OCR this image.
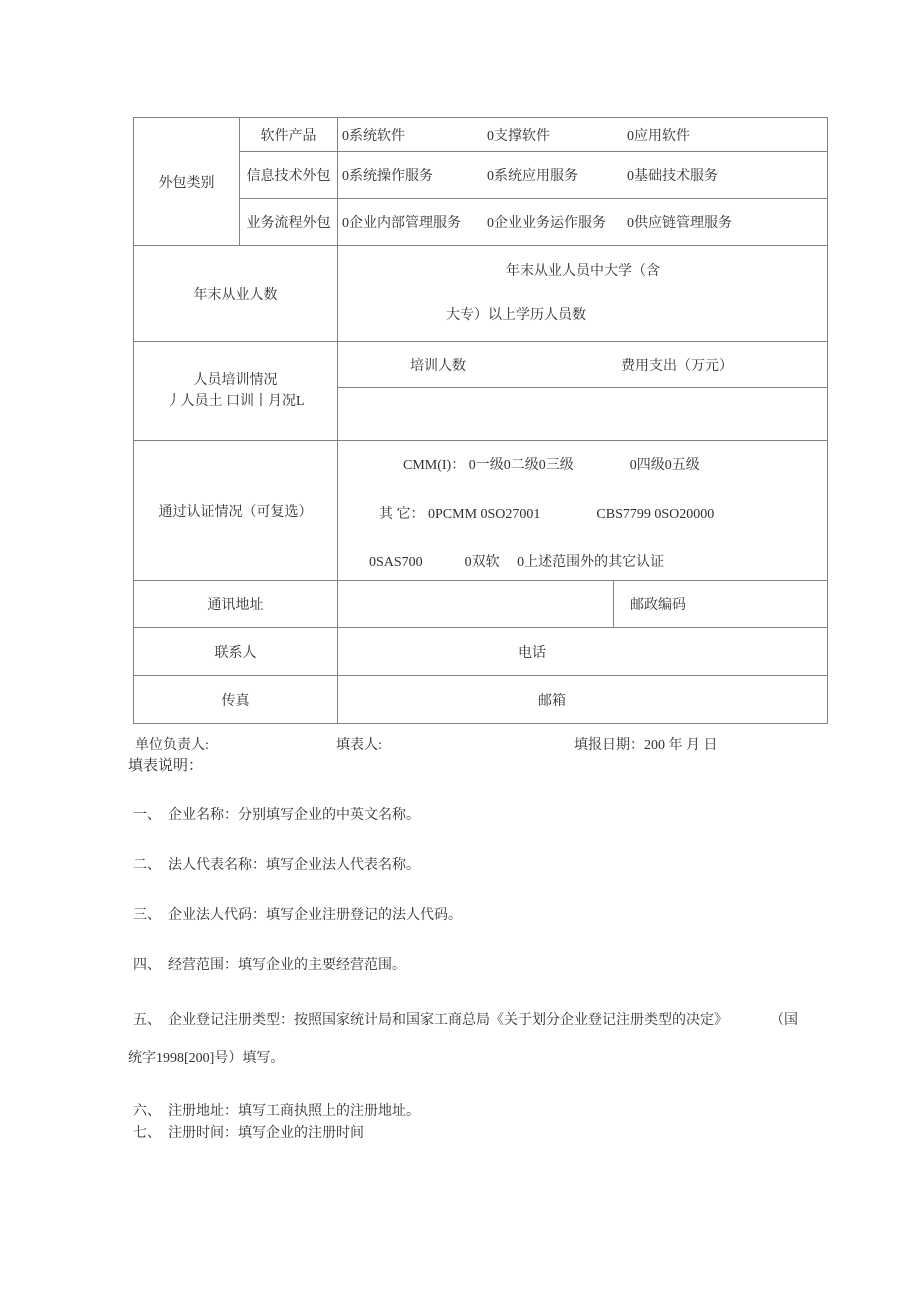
外包类别	软件产品	0系统软件 0支撑软件 0应用软件	
	信息技术外包	0系统操作服务 0系统应用服务 0基础技术服务	
	业务流程外包	0企业内部管理服务 0企业业务运作服务 0供应链管理服务	
年末从业人数		年末从业人员中大学（含
大专）以上学历人员数	

人员培训情况
丿人员土 口训丨月况L		培训人数 费用支出（万元）	

通过认证情况（可复选）		CMM(I)： 0一级0二级0三级　　　　0四级0五级
其 它： 0PCMM 0SO27001　　　　CBS7799 0SO20000
0SAS700　　　0双软　 0上述范围外的其它认证	

通讯地址			邮政编码
联系人		电话	
传真		邮箱	
单位负责人:	填表人:	填报日期：200 年 月 日
填表说明：
一、　企业名称：分别填写企业的中英文名称。
二、　法人代表名称：填写企业法人代表名称。
三、　企业法人代码：填写企业注册登记的法人代码。
四、　经营范围：填写企业的主要经营范围。
五、　企业登记注册类型：按照国家统计局和国家工商总局《关于划分企业登记注册类型的决定》　　　　（国
统字1998[200]号）填写。
六、　注册地址：填写工商执照上的注册地址。
七、　注册时间：填写企业的注册时间
